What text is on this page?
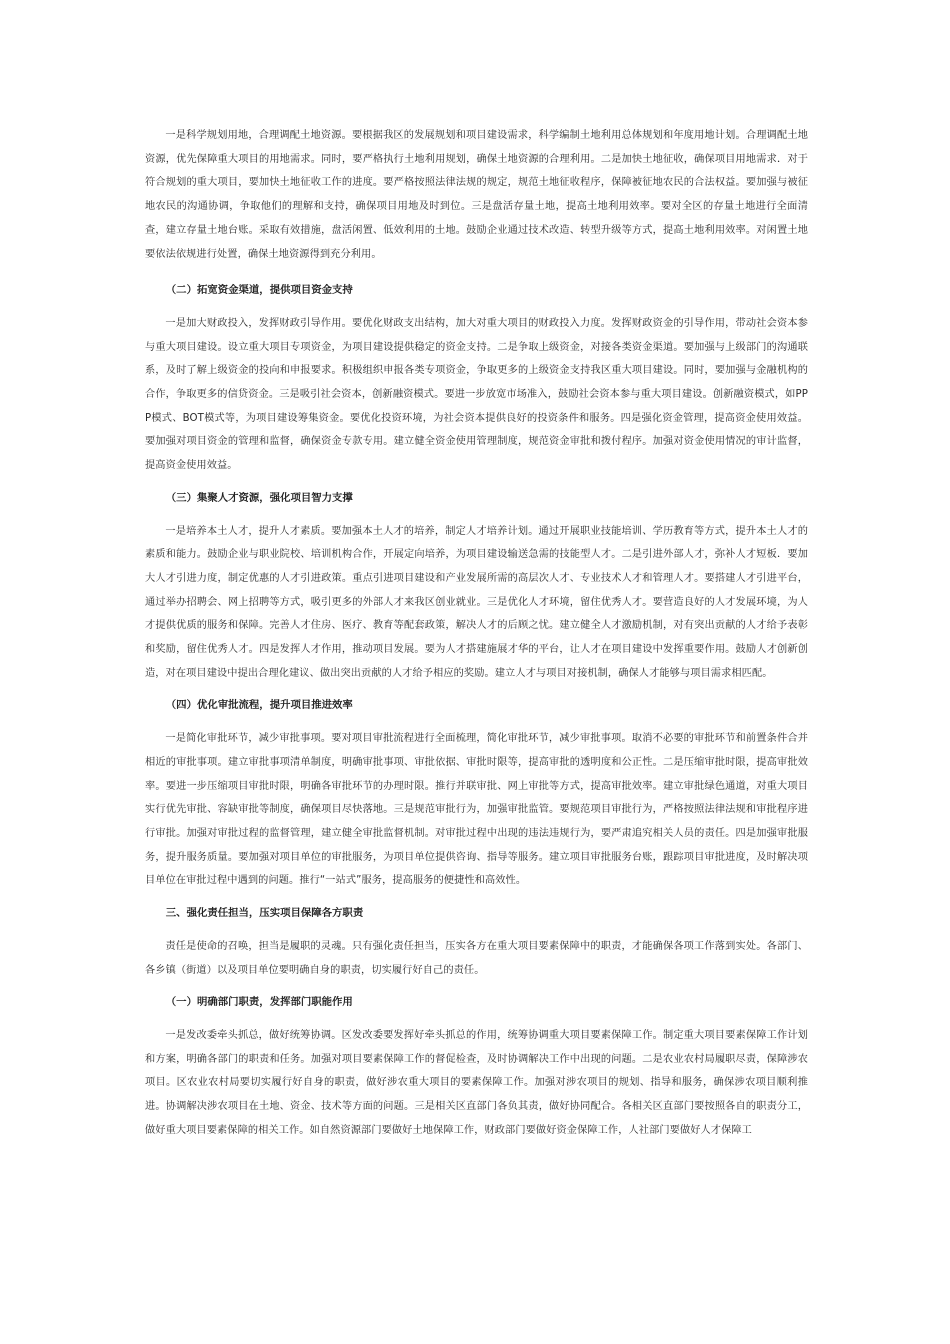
一是科学规划用地，合理调配土地资源。要根据我区的发展规划和项目建设需求，科学编制土地利用总体规划和年度用地计划。合理调配土地资源，优先保障重大项目的用地需求。同时，要严格执行土地利用规划，确保土地资源的合理利用。二是加快土地征收，确保项目用地需求．对于符合规划的重大项目，要加快土地征收工作的进度。要严格按照法律法规的规定，规范土地征收程序，保障被征地农民的合法权益。要加强与被征地农民的沟通协调，争取他们的理解和支持，确保项目用地及时到位。三是盘活存量土地，提高土地利用效率。要对全区的存量土地进行全面清查，建立存量土地台账。采取有效措施，盘活闲置、低效利用的土地。鼓励企业通过技术改造、转型升级等方式，提高土地利用效率。对闲置土地要依法依规进行处置，确保土地资源得到充分利用。

（二）拓宽资金渠道，提供项目资金支持

一是加大财政投入，发挥财政引导作用。要优化财政支出结构，加大对重大项目的财政投入力度。发挥财政资金的引导作用，带动社会资本参与重大项目建设。设立重大项目专项资金，为项目建设提供稳定的资金支持。二是争取上级资金，对接各类资金渠道。要加强与上级部门的沟通联系，及时了解上级资金的投向和申报要求。积极组织申报各类专项资金，争取更多的上级资金支持我区重大项目建设。同时，要加强与金融机构的合作，争取更多的信贷资金。三是吸引社会资本，创新融资模式。要进一步放宽市场准入，鼓励社会资本参与重大项目建设。创新融资模式，如PPP模式、BOT模式等，为项目建设筹集资金。要优化投资环境，为社会资本提供良好的投资条件和服务。四是强化资金管理，提高资金使用效益。要加强对项目资金的管理和监督，确保资金专款专用。建立健全资金使用管理制度，规范资金审批和拨付程序。加强对资金使用情况的审计监督，提高资金使用效益。

（三）集聚人才资源，强化项目智力支撑

一是培养本土人才，提升人才素质。要加强本土人才的培养，制定人才培养计划。通过开展职业技能培训、学历教育等方式，提升本土人才的素质和能力。鼓励企业与职业院校、培训机构合作，开展定向培养，为项目建设输送急需的技能型人才。二是引进外部人才，弥补人才短板．要加大人才引进力度，制定优惠的人才引进政策。重点引进项目建设和产业发展所需的高层次人才、专业技术人才和管理人才。要搭建人才引进平台，通过举办招聘会、网上招聘等方式，吸引更多的外部人才来我区创业就业。三是优化人才环境，留住优秀人才。要营造良好的人才发展环境，为人才提供优质的服务和保障。完善人才住房、医疗、教育等配套政策，解决人才的后顾之忧。建立健全人才激励机制，对有突出贡献的人才给予表彰和奖励，留住优秀人才。四是发挥人才作用，推动项目发展。要为人才搭建施展才华的平台，让人才在项目建设中发挥重要作用。鼓励人才创新创造，对在项目建设中提出合理化建议、做出突出贡献的人才给予相应的奖励。建立人才与项目对接机制，确保人才能够与项目需求相匹配。

（四）优化审批流程，提升项目推进效率

一是简化审批环节，减少审批事项。要对项目审批流程进行全面梳理，简化审批环节，减少审批事项。取消不必要的审批环节和前置条件合并相近的审批事项。建立审批事项清单制度，明确审批事项、审批依据、审批时限等，提高审批的透明度和公正性。二是压缩审批时限，提高审批效率。要进一步压缩项目审批时限，明确各审批环节的办理时限。推行并联审批、网上审批等方式，提高审批效率。建立审批绿色通道，对重大项目实行优先审批、容缺审批等制度，确保项目尽快落地。三是规范审批行为，加强审批监管。要规范项目审批行为，严格按照法律法规和审批程序进行审批。加强对审批过程的监督管理，建立健全审批监督机制。对审批过程中出现的违法违规行为，要严肃追究相关人员的责任。四是加强审批服务，提升服务质量。要加强对项目单位的审批服务，为项目单位提供咨询、指导等服务。建立项目审批服务台账，跟踪项目审批进度，及时解决项目单位在审批过程中遇到的问题。推行“一站式”服务，提高服务的便捷性和高效性。

三、强化责任担当，压实项目保障各方职责

责任是使命的召唤，担当是履职的灵魂。只有强化责任担当，压实各方在重大项目要素保障中的职责，才能确保各项工作落到实处。各部门、各乡镇（街道）以及项目单位要明确自身的职责，切实履行好自己的责任。

（一）明确部门职责，发挥部门职能作用

一是发改委牵头抓总，做好统筹协调。区发改委要发挥好牵头抓总的作用，统筹协调重大项目要素保障工作。制定重大项目要素保障工作计划和方案，明确各部门的职责和任务。加强对项目要素保障工作的督促检查，及时协调解决工作中出现的问题。二是农业农村局履职尽责，保障涉农项目。区农业农村局要切实履行好自身的职责，做好涉农重大项目的要素保障工作。加强对涉农项目的规划、指导和服务，确保涉农项目顺利推进。协调解决涉农项目在土地、资金、技术等方面的问题。三是相关区直部门各负其责，做好协同配合。各相关区直部门要按照各自的职责分工，做好重大项目要素保障的相关工作。如自然资源部门要做好土地保障工作，财政部门要做好资金保障工作，人社部门要做好人才保障工
